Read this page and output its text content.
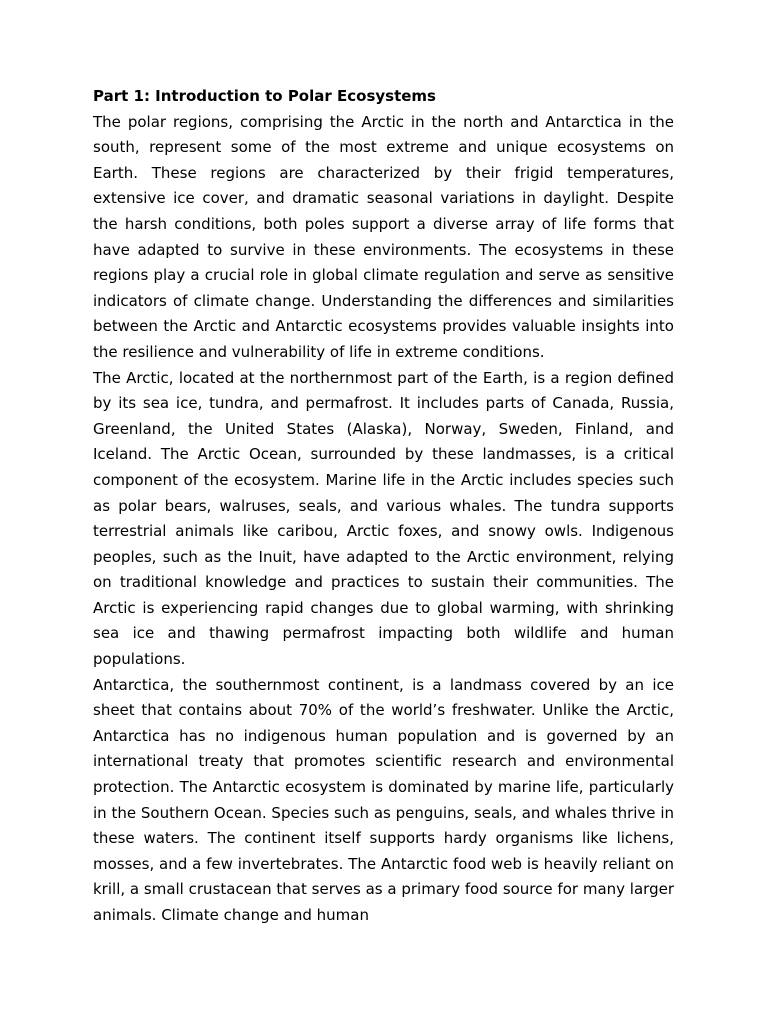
Part 1: Introduction to Polar Ecosystems

The polar regions, comprising the Arctic in the north and Antarctica in the south, represent some of the most extreme and unique ecosystems on Earth. These regions are characterized by their frigid temperatures, extensive ice cover, and dramatic seasonal variations in daylight. Despite the harsh conditions, both poles support a diverse array of life forms that have adapted to survive in these environments. The ecosystems in these regions play a crucial role in global climate regulation and serve as sensitive indicators of climate change. Understanding the differences and similarities between the Arctic and Antarctic ecosystems provides valuable insights into the resilience and vulnerability of life in extreme conditions.

The Arctic, located at the northernmost part of the Earth, is a region defined by its sea ice, tundra, and permafrost. It includes parts of Canada, Russia, Greenland, the United States (Alaska), Norway, Sweden, Finland, and Iceland. The Arctic Ocean, surrounded by these landmasses, is a critical component of the ecosystem. Marine life in the Arctic includes species such as polar bears, walruses, seals, and various whales. The tundra supports terrestrial animals like caribou, Arctic foxes, and snowy owls. Indigenous peoples, such as the Inuit, have adapted to the Arctic environment, relying on traditional knowledge and practices to sustain their communities. The Arctic is experiencing rapid changes due to global warming, with shrinking sea ice and thawing permafrost impacting both wildlife and human populations.

Antarctica, the southernmost continent, is a landmass covered by an ice sheet that contains about 70% of the world’s freshwater. Unlike the Arctic, Antarctica has no indigenous human population and is governed by an international treaty that promotes scientific research and environmental protection. The Antarctic ecosystem is dominated by marine life, particularly in the Southern Ocean. Species such as penguins, seals, and whales thrive in these waters. The continent itself supports hardy organisms like lichens, mosses, and a few invertebrates. The Antarctic food web is heavily reliant on krill, a small crustacean that serves as a primary food source for many larger animals. Climate change and human
